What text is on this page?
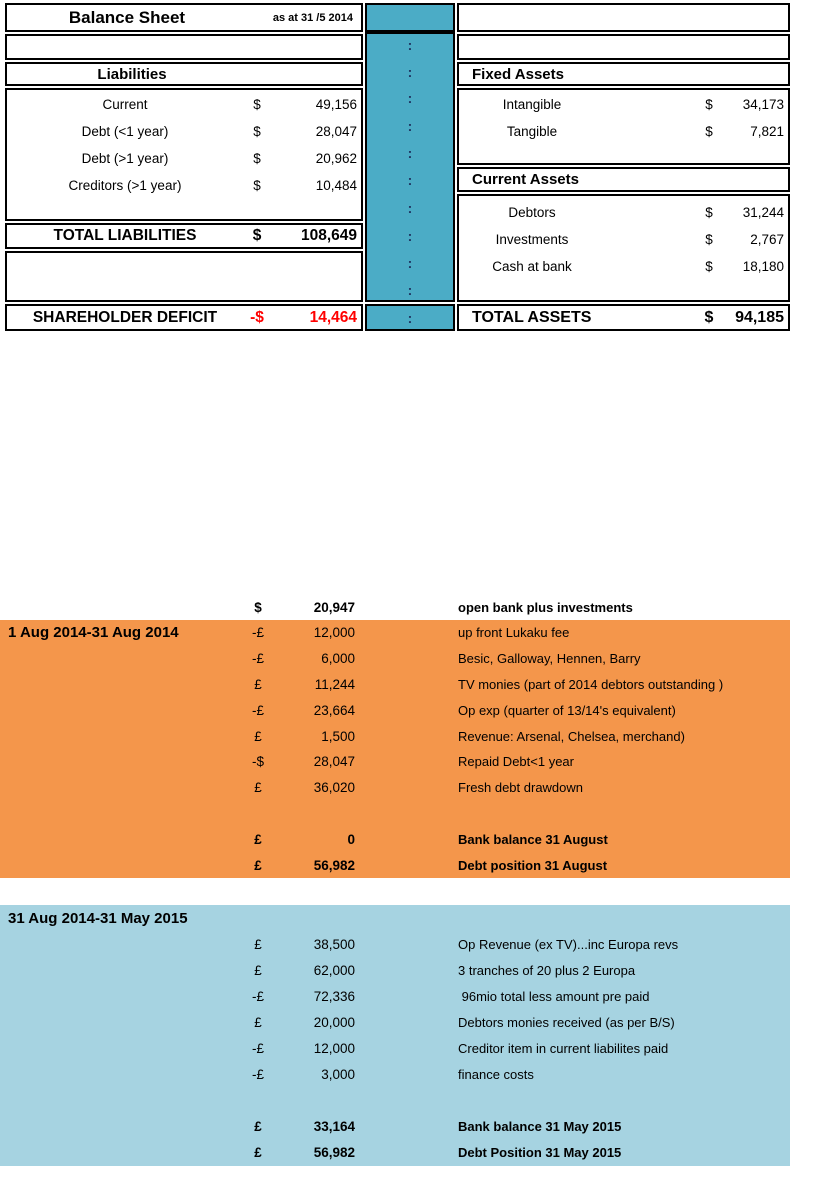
Balance Sheet	as at 31 /5 2014
Liabilities
Current	$	49,156
Debt (<1 year)	$	28,047
Debt (>1 year)	$	20,962
Creditors (>1 year)	$	10,484
TOTAL LIABILITIES	$	108,649
SHAREHOLDER DEFICIT	-$	14,464
:
:
:
:
:
:
:
:
:
:
:
Fixed Assets
Intangible	$	34,173
Tangible	$	7,821
Current Assets
Debtors	$	31,244
Investments	$	2,767
Cash at bank	$	18,180
TOTAL ASSETS	$	94,185
$	20,947	open bank plus investments
1 Aug 2014-31 Aug 2014	-£	12,000	up front Lukaku fee
-£	6,000	Besic, Galloway, Hennen, Barry
£	11,244	TV monies (part of 2014 debtors outstanding )
-£	23,664	Op exp (quarter of 13/14's equivalent)
£	1,500	Revenue: Arsenal, Chelsea, merchand)
-$	28,047	Repaid Debt<1 year
£	36,020	Fresh debt drawdown
£	0	Bank balance 31 August
£	56,982	Debt position 31 August
31 Aug 2014-31 May 2015
£	38,500	Op Revenue (ex TV)...inc Europa revs
£	62,000	3 tranches of 20 plus 2 Europa
-£	72,336	96mio total less amount pre paid
£	20,000	Debtors monies received (as per B/S)
-£	12,000	Creditor item in current liabilites paid
-£	3,000	finance costs
£	33,164	Bank balance 31 May 2015
£	56,982	Debt Position 31 May 2015
